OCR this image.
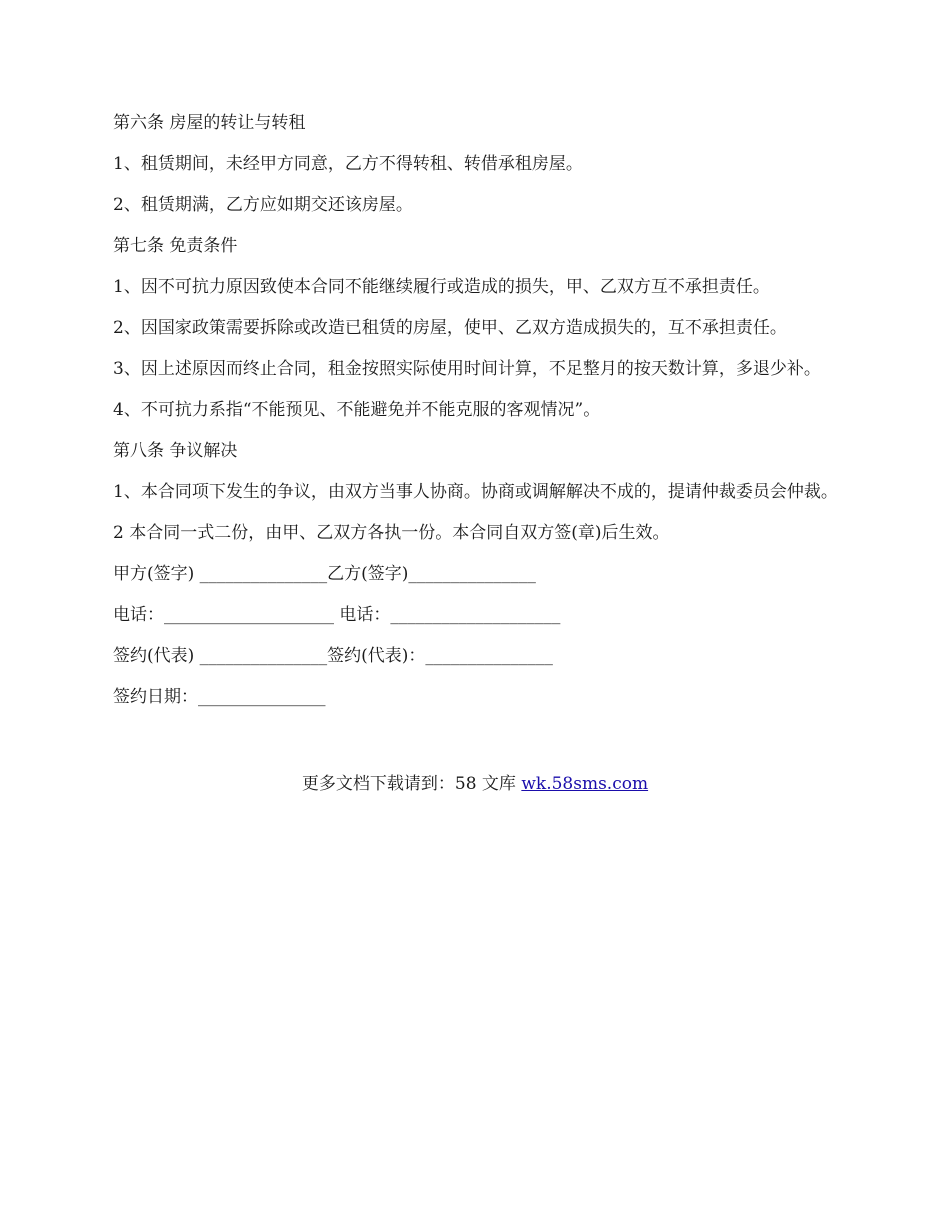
第六条 房屋的转让与转租

1、租赁期间，未经甲方同意，乙方不得转租、转借承租房屋。

2、租赁期满，乙方应如期交还该房屋。

第七条 免责条件

1、因不可抗力原因致使本合同不能继续履行或造成的损失，甲、乙双方互不承担责任。

2、因国家政策需要拆除或改造已租赁的房屋，使甲、乙双方造成损失的，互不承担责任。

3、因上述原因而终止合同，租金按照实际使用时间计算，不足整月的按天数计算，多退少补。

4、不可抗力系指“不能预见、不能避免并不能克服的客观情况”。

第八条 争议解决

1、本合同项下发生的争议，由双方当事人协商。协商或调解解决不成的，提请仲裁委员会仲裁。

2 本合同一式二份，由甲、乙双方各执一份。本合同自双方签(章)后生效。

甲方(签字) _______________乙方(签字)_______________

电话：____________________ 电话：____________________

签约(代表) _______________签约(代表)：_______________

签约日期：_______________

更多文档下载请到：58 文库 wk.58sms.com
